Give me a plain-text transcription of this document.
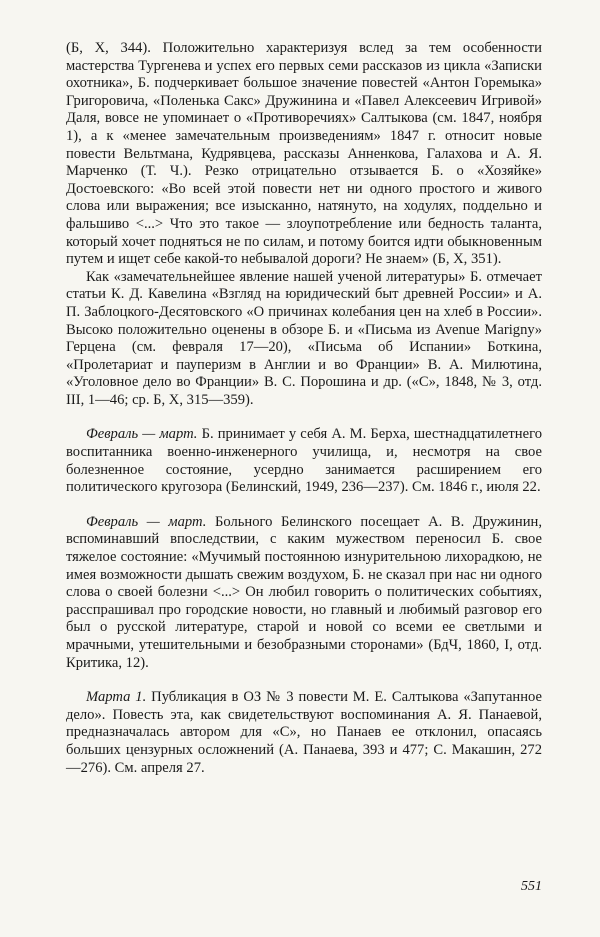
(Б, X, 344). Положительно характеризуя вслед за тем особенности мастерства Тургенева и успех его первых семи рассказов из цикла «Записки охотника», Б. подчеркивает большое значение повестей «Антон Горемыка» Григоровича, «Поленька Сакс» Дружинина и «Павел Алексеевич Игривой» Даля, вовсе не упоминает о «Противоречиях» Салтыкова (см. 1847, ноября 1), а к «менее замечательным произведениям» 1847 г. относит новые повести Вельтмана, Кудрявцева, рассказы Анненкова, Галахова и А. Я. Марченко (Т. Ч.). Резко отрицательно отзывается Б. о «Хозяйке» Достоевского: «Во всей этой повести нет ни одного простого и живого слова или выражения; все изысканно, натянуто, на ходулях, поддельно и фальшиво <...> Что это такое — злоупотребление или бедность таланта, который хочет подняться не по силам, и потому боится идти обыкновенным путем и ищет себе какой-то небывалой дороги? Не знаем» (Б, X, 351).

Как «замечательнейшее явление нашей ученой литературы» Б. отмечает статьи К. Д. Кавелина «Взгляд на юридический быт древней России» и А. П. Заблоцкого-Десятовского «О причинах колебания цен на хлеб в России». Высоко положительно оценены в обзоре Б. и «Письма из Avenue Marigny» Герцена (см. февраля 17—20), «Письма об Испании» Боткина, «Пролетариат и пауперизм в Англии и во Франции» В. А. Милютина, «Уголовное дело во Франции» В. С. Порошина и др. («С», 1848, № 3, отд. III, 1—46; ср. Б, X, 315—359).

Февраль — март. Б. принимает у себя А. М. Берха, шестнадцатилетнего воспитанника военно-инженерного училища, и, несмотря на свое болезненное состояние, усердно занимается расширением его политического кругозора (Белинский, 1949, 236—237). См. 1846 г., июля 22.

Февраль — март. Больного Белинского посещает А. В. Дружинин, вспоминавший впоследствии, с каким мужеством переносил Б. свое тяжелое состояние: «Мучимый постоянною изнурительною лихорадкою, не имея возможности дышать свежим воздухом, Б. не сказал при нас ни одного слова о своей болезни <...> Он любил говорить о политических событиях, расспрашивал про городские новости, но главный и любимый разговор его был о русской литературе, старой и новой со всеми ее светлыми и мрачными, утешительными и безобразными сторонами» (БдЧ, 1860, I, отд. Критика, 12).

Марта 1. Публикация в ОЗ № 3 повести М. Е. Салтыкова «Запутанное дело». Повесть эта, как свидетельствуют воспоминания А. Я. Панаевой, предназначалась автором для «С», но Панаев ее отклонил, опасаясь больших цензурных осложнений (А. Панаева, 393 и 477; С. Макашин, 272—276). См. апреля 27.

551
